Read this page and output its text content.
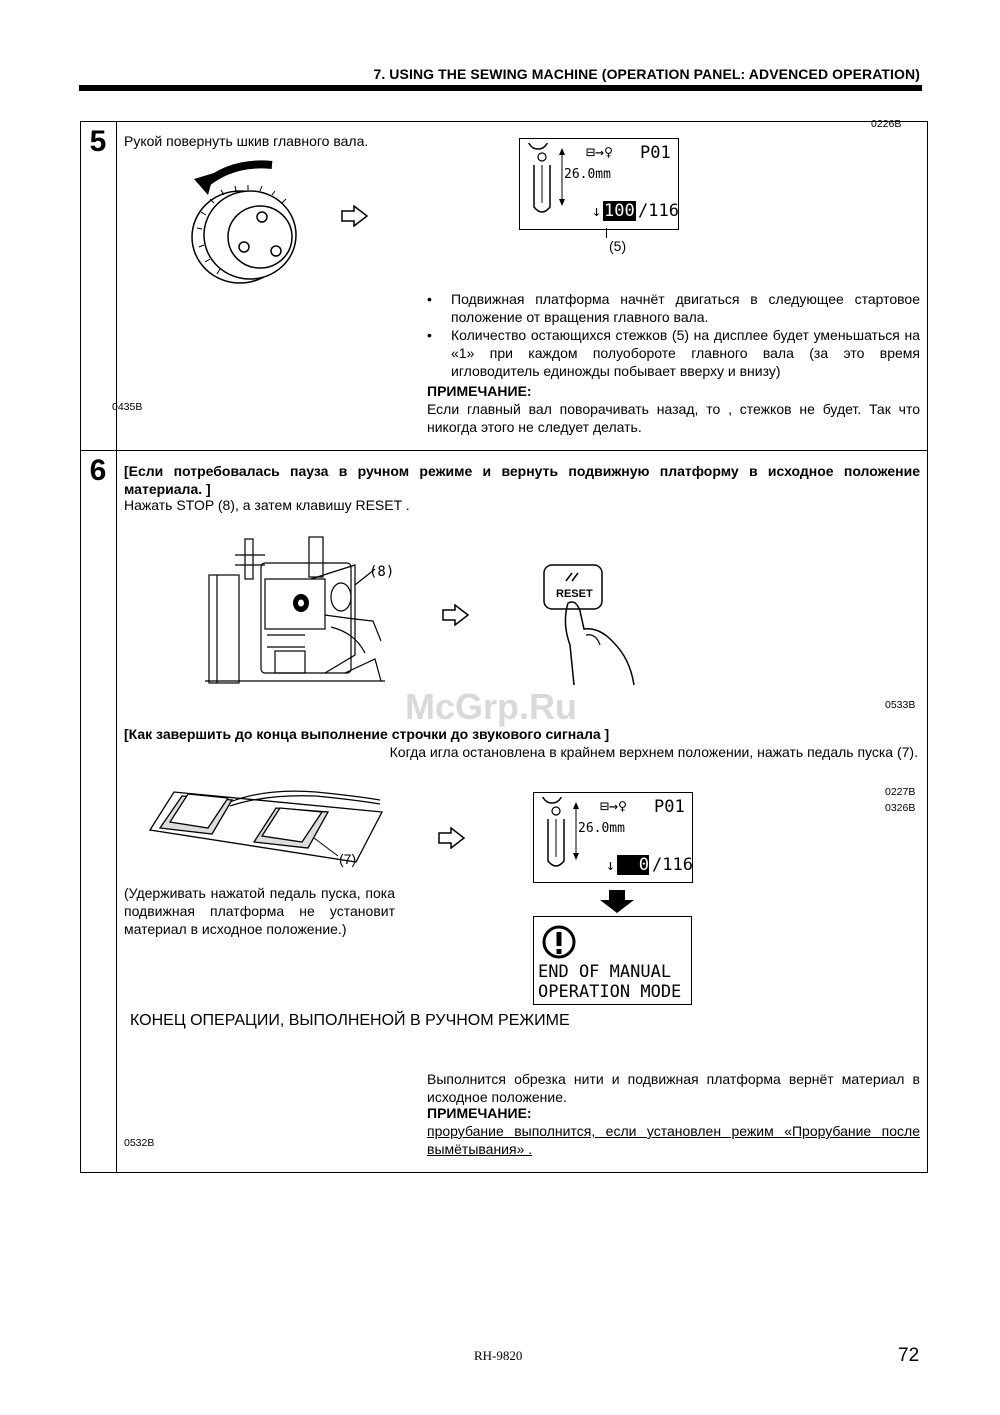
7. USING THE SEWING MACHINE (OPERATION PANEL: ADVENCED OPERATION)
5	Рукой повернуть шкив главного вала.
0226B
0435B
⊟→♀ P01
26.0mm
↓ 100 /116
(5)
• Подвижная платформа начнёт двигаться в следующее стартовое положение от вращения главного вала.
• Количество остающихся стежков (5) на дисплее будет уменьшаться на «1» при каждом полуобороте главного вала (за это время игловодитель единожды побывает вверху и внизу)
ПРИМЕЧАНИЕ:
Если главный вал поворачивать назад, то , стежков не будет. Так что никогда этого не следует делать.
6	[Если потребовалась пауза в ручном режиме и вернуть подвижную платформу в исходное положение материала. ]
Нажать STOP (8), а затем клавишу RESET .
(8)
RESET
0533B
McGrp.Ru
[Как завершить до конца выполнение строчки до звукового сигнала ]
Когда игла остановлена в крайнем верхнем положении, нажать педаль пуска (7).
0227B
0326B
(7)
(Удерживать нажатой педаль пуска, пока подвижная платформа не установит материал в исходное положение.)
⊟→♀ P01
26.0mm
↓	0 /116
END OF MANUAL
OPERATION MODE
КОНЕЦ ОПЕРАЦИИ, ВЫПОЛНЕНОЙ В РУЧНОМ РЕЖИМЕ
Выполнится обрезка нити и подвижная платформа вернёт материал в исходное положение.
ПРИМЕЧАНИЕ:
прорубание выполнится, если установлен режим «Прорубание после вымётывания» .
0532B
RH-9820	72
